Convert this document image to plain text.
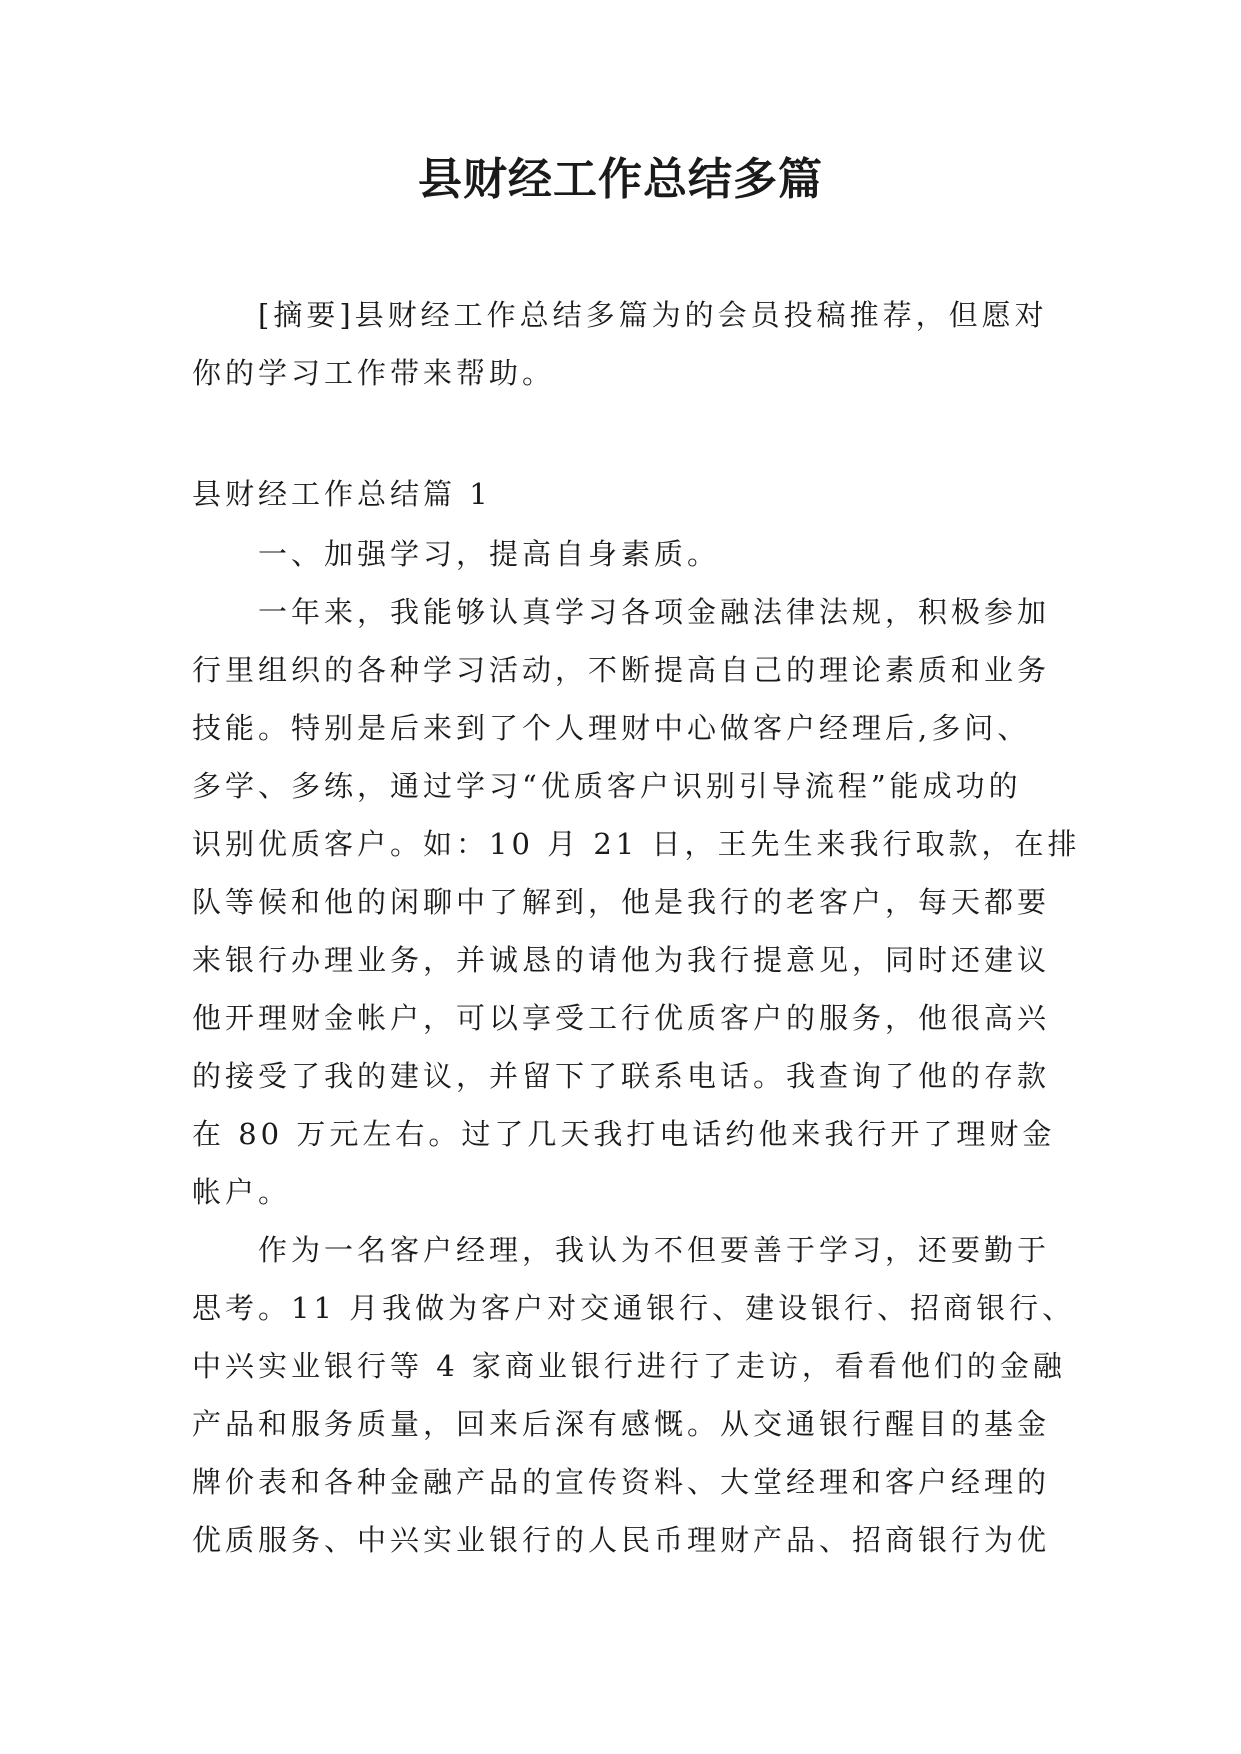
县财经工作总结多篇

[摘要]县财经工作总结多篇为的会员投稿推荐，但愿对
你的学习工作带来帮助。

县财经工作总结篇 1

一、加强学习，提高自身素质。

一年来，我能够认真学习各项金融法律法规，积极参加
行里组织的各种学习活动，不断提高自己的理论素质和业务
技能。特别是后来到了个人理财中心做客户经理后,多问、
多学、多练，通过学习“优质客户识别引导流程”能成功的
识别优质客户。如：10 月 21 日，王先生来我行取款，在排
队等候和他的闲聊中了解到，他是我行的老客户，每天都要
来银行办理业务，并诚恳的请他为我行提意见，同时还建议
他开理财金帐户，可以享受工行优质客户的服务，他很高兴
的接受了我的建议，并留下了联系电话。我查询了他的存款
在 80 万元左右。过了几天我打电话约他来我行开了理财金
帐户。

作为一名客户经理，我认为不但要善于学习，还要勤于
思考。11 月我做为客户对交通银行、建设银行、招商银行、
中兴实业银行等 4 家商业银行进行了走访，看看他们的金融
产品和服务质量，回来后深有感慨。从交通银行醒目的基金
牌价表和各种金融产品的宣传资料、大堂经理和客户经理的
优质服务、中兴实业银行的人民币理财产品、招商银行为优
